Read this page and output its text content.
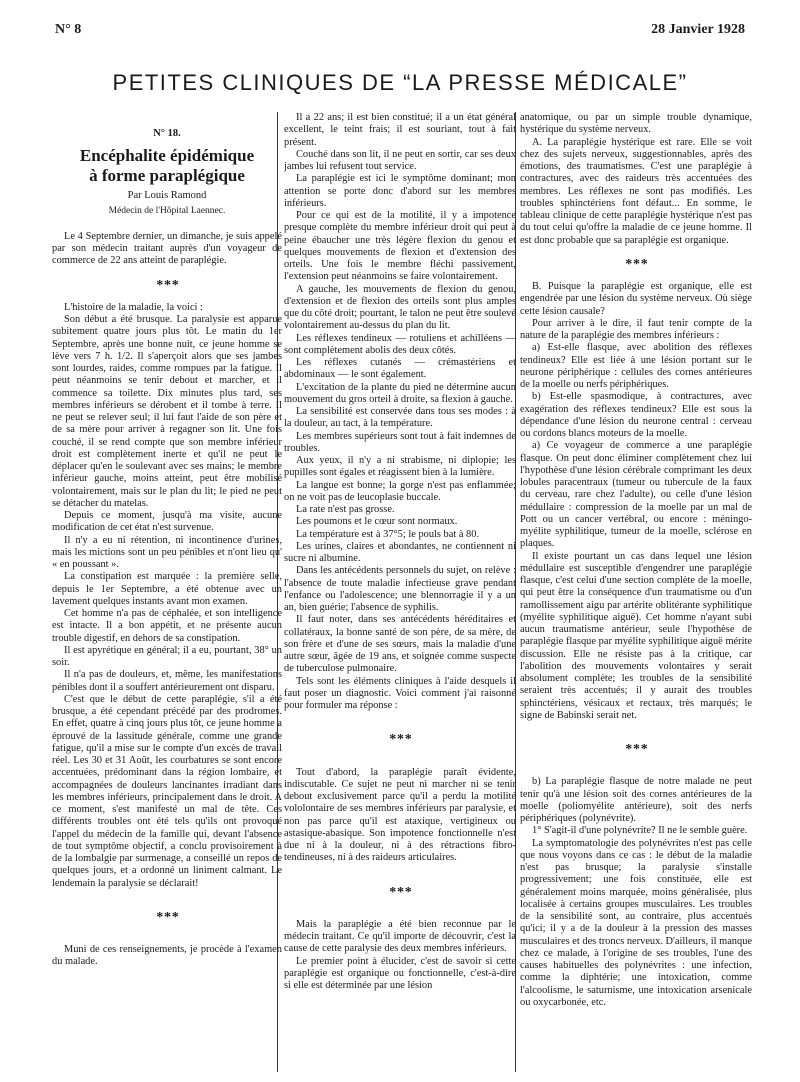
N° 8	28 Janvier 1928
PETITES CLINIQUES DE “LA PRESSE MÉDICALE”

N° 18.

Encéphalite épidémique
à forme paraplégique

Par Louis Ramond

Médecin de l'Hôpital Laennec.

Le 4 Septembre dernier, un dimanche, je suis appelé par son médecin traitant auprès d'un voyageur de commerce de 22 ans atteint de paraplégie.

* * *

L'histoire de la maladie, la voici :

Son début a été brusque. La paralysie est apparue subitement quatre jours plus tôt. Le matin du 1er Septembre, après une bonne nuit, ce jeune homme se lève vers 7 h. 1/2. Il s'aperçoit alors que ses jambes sont lourdes, raides, comme rompues par la fatigue. Il peut néanmoins se tenir debout et marcher, et il commence sa toilette. Dix minutes plus tard, ses membres inférieurs se dérobent et il tombe à terre. Il ne peut se relever seul; il lui faut l'aide de son père et de sa mère pour arriver à regagner son lit. Une fois couché, il se rend compte que son membre inférieur droit est complètement inerte et qu'il ne peut le déplacer qu'en le soulevant avec ses mains; le membre inférieur gauche, moins atteint, peut être mobilisé volontairement, mais sur le plan du lit; le pied ne peut se détacher du matelas.

Depuis ce moment, jusqu'à ma visite, aucune modification de cet état n'est survenue.

Il n'y a eu ni rétention, ni incontinence d'urines, mais les mictions sont un peu pénibles et n'ont lieu qu' « en poussant ».

La constipation est marquée : la première selle, depuis le 1er Septembre, a été obtenue avec un lavement quelques instants avant mon examen.

Cet homme n'a pas de céphalée, et son intelligence est intacte. Il a bon appétit, et ne présente aucun trouble digestif, en dehors de sa constipation.

Il est apyrétique en général; il a eu, pourtant, 38° un soir.

Il n'a pas de douleurs, et, même, les manifestations pénibles dont il a souffert antérieurement ont disparu.

C'est que le début de cette paraplégie, s'il a été brusque, a été cependant précédé par des prodromes. En effet, quatre à cinq jours plus tôt, ce jeune homme a éprouvé de la lassitude générale, comme une grande fatigue, qu'il a mise sur le compte d'un excès de travail réel. Les 30 et 31 Août, les courbatures se sont encore accentuées, prédominant dans la région lombaire, et accompagnées de douleurs lancinantes irradiant dans les membres inférieurs, principalement dans le droit. A ce moment, s'est manifesté un mal de tête. Ces différents troubles ont été tels qu'ils ont provoqué l'appel du médecin de la famille qui, devant l'absence de tout symptôme objectif, a conclu provisoirement à de la lombalgie par surmenage, a conseillé un repos de quelques jours, et a ordonné un liniment calmant. Le lendemain la paralysie se déclarait!

* * *

Muni de ces renseignements, je procède à l'examen du malade.

Il a 22 ans; il est bien constitué; il a un état général excellent, le teint frais; il est souriant, tout à fait présent.

Couché dans son lit, il ne peut en sortir, car ses deux jambes lui refusent tout service.

La paraplégie est ici le symptôme dominant; mon attention se porte donc d'abord sur les membres inférieurs.

Pour ce qui est de la motilité, il y a impotence presque complète du membre inférieur droit qui peut à peine ébaucher une très légère flexion du genou et quelques mouvements de flexion et d'extension des orteils. Une fois le membre fléchi passivement, l'extension peut néanmoins se faire volontairement.

A gauche, les mouvements de flexion du genou, d'extension et de flexion des orteils sont plus amples que du côté droit; pourtant, le talon ne peut être soulevé volontairement au-dessus du plan du lit.

Les réflexes tendineux — rotuliens et achilléens — sont complètement abolis des deux côtés.

Les réflexes cutanés — crémastériens et abdominaux — le sont également.

L'excitation de la plante du pied ne détermine aucun mouvement du gros orteil à droite, sa flexion à gauche.

La sensibilité est conservée dans tous ses modes : à la douleur, au tact, à la température.

Les membres supérieurs sont tout à fait indemnes de troubles.

Aux yeux, il n'y a ni strabisme, ni diplopie; les pupilles sont égales et réagissent bien à la lumière.

La langue est bonne; la gorge n'est pas enflammée; on ne voit pas de leucoplasie buccale.

La rate n'est pas grosse.

Les poumons et le cœur sont normaux.

La température est à 37°5; le pouls bat à 80.

Les urines, claires et abondantes, ne contiennent ni sucre ni albumine.

Dans les antécédents personnels du sujet, on relève : l'absence de toute maladie infectieuse grave pendant l'enfance ou l'adolescence; une blennorragie il y a un an, bien guérie; l'absence de syphilis.

Il faut noter, dans ses antécédents héréditaires et collatéraux, la bonne santé de son père, de sa mère, de son frère et d'une de ses sœurs, mais la maladie d'une autre sœur, âgée de 19 ans, et soignée comme suspecte de tuberculose pulmonaire.

Tels sont les éléments cliniques à l'aide desquels il faut poser un diagnostic. Voici comment j'ai raisonné pour formuler ma réponse :

* * *

Tout d'abord, la paraplégie paraît évidente, indiscutable. Ce sujet ne peut ni marcher ni se tenir debout exclusivement parce qu'il a perdu la motilité vololontaire de ses membres inférieurs par paralysie, et non pas parce qu'il est ataxique, vertigineux ou astasique-abasique. Son impotence fonctionnelle n'est due ni à la douleur, ni à des rétractions fibro-tendineuses, ni à des raideurs articulaires.

* * *

Mais la paraplégie a été bien reconnue par le médecin traitant. Ce qu'il importe de découvrir, c'est la cause de cette paralysie des deux membres inférieurs.

Le premier point à élucider, c'est de savoir si cette paraplégie est organique ou fonctionnelle, c'est-à-dire si elle est déterminée par une lésion

anatomique, ou par un simple trouble dynamique, hystérique du système nerveux.

A. La paraplégie hystérique est rare. Elle se voit chez des sujets nerveux, suggestionnables, après des émotions, des traumatismes. C'est une paraplégie à contractures, avec des raideurs très accentuées des membres. Les réflexes ne sont pas modifiés. Les troubles sphinctériens font défaut... En somme, le tableau clinique de cette paraplégie hystérique n'est pas du tout celui qu'offre la maladie de ce jeune homme. Il est donc probable que sa paraplégie est organique.

* * *

B. Puisque la paraplégie est organique, elle est engendrée par une lésion du système nerveux. Où siège cette lésion causale?

Pour arriver à le dire, il faut tenir compte de la nature de la paraplégie des membres inférieurs :

a) Est-elle flasque, avec abolition des réflexes tendineux? Elle est liée à une lésion portant sur le neurone périphérique : cellules des cornes antérieures de la moelle ou nerfs périphériques.

b) Est-elle spasmodique, à contractures, avec exagération des réflexes tendineux? Elle est sous la dépendance d'une lésion du neurone central : cerveau ou cordons blancs moteurs de la moelle.

a) Ce voyageur de commerce a une paraplégie flasque. On peut donc éliminer complètement chez lui l'hypothèse d'une lésion cérébrale comprimant les deux lobules paracentraux (tumeur ou tubercule de la faux du cerveau, rare chez l'adulte), ou celle d'une lésion médullaire : compression de la moelle par un mal de Pott ou un cancer vertébral, ou encore : méningo-myélite syphilitique, tumeur de la moelle, sclérose en plaques.

Il existe pourtant un cas dans lequel une lésion médullaire est susceptible d'engendrer une paraplégie flasque, c'est celui d'une section complète de la moelle, qui peut être la conséquence d'un traumatisme ou d'un ramollissement aigu par artérite oblitérante syphilitique (myélite syphilitique aiguë). Cet homme n'ayant subi aucun traumatisme antérieur, seule l'hypothèse de paraplégie flasque par myélite syphilitique aiguë mérite discussion. Elle ne résiste pas à la critique, car l'abolition des mouvements volontaires y serait absolument complète; les troubles de la sensibilité seraient très accentués; il y aurait des troubles sphinctériens, vésicaux et rectaux, très marqués; le signe de Babinski serait net.

* * *

b) La paraplégie flasque de notre malade ne peut tenir qu'à une lésion soit des cornes antérieures de la moelle (poliomyélite antérieure), soit des nerfs périphériques (polynévrite).

1° S'agit-il d'une polynévrite? Il ne le semble guère.

La symptomatologie des polynévrites n'est pas celle que nous voyons dans ce cas : le début de la maladie n'est pas brusque; la paralysie s'installe progressivement; une fois constituée, elle est généralement moins marquée, moins généralisée, plus localisée à certains groupes musculaires. Les troubles de la sensibilité sont, au contraire, plus accentués qu'ici; il y a de la douleur à la pression des masses musculaires et des troncs nerveux. D'ailleurs, il manque chez ce malade, à l'origine de ses troubles, l'une des causes habituelles des polynévrites : une infection, comme la diphtérie; une intoxication, comme l'alcoolisme, le saturnisme, une intoxication arsenicale ou oxycarbonée, etc.
